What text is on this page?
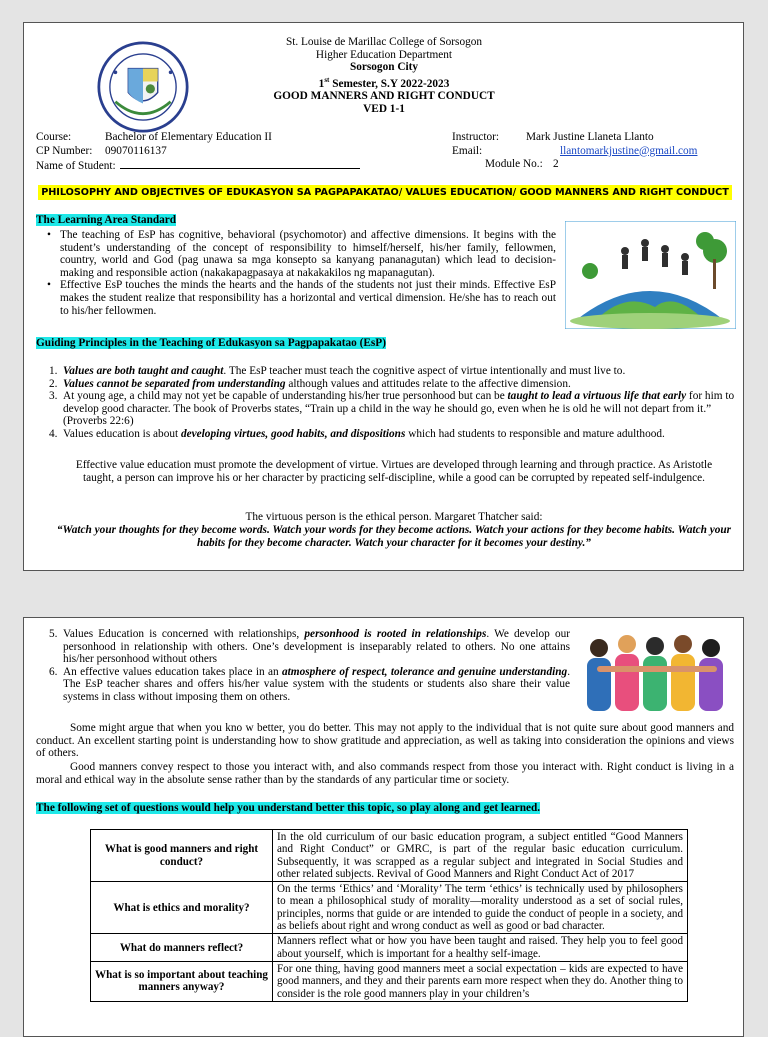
St. Louise de Marillac College of Sorsogon
Higher Education Department
Sorsogon City
1st Semester, S.Y 2022-2023
GOOD MANNERS AND RIGHT CONDUCT
VED 1-1
Course:	Bachelor of Elementary Education II
CP Number: 09070116137
Name of Student:
Instructor: Mark Justine Llaneta Llanto
Email:	llantomarkjustine@gmail.com
Module No.: 2
PHILOSOPHY AND OBJECTIVES OF EDUKASYON SA PAGPAPAKATAO/ VALUES EDUCATION/ GOOD MANNERS AND RIGHT CONDUCT
The Learning Area Standard
• The teaching of EsP has cognitive, behavioral (psychomotor) and affective dimensions. It begins with the student’s understanding of the concept of responsibility to himself/herself, his/her family, fellowmen, country, world and God (pag unawa sa mga konsepto sa kanyang pananagutan) which lead to decision-making and responsible action (nakakapagpasaya at nakakakilos ng mapanagutan).
• Effective EsP touches the minds the hearts and the hands of the students not just their minds. Effective EsP makes the student realize that responsibility has a horizontal and vertical dimension. He/she has to reach out to his/her fellowmen.
Guiding Principles in the Teaching of Edukasyon sa Pagpapakatao (EsP)
1. Values are both taught and caught. The EsP teacher must teach the cognitive aspect of virtue intentionally and must live to.
2. Values cannot be separated from understanding although values and attitudes relate to the affective dimension.
3. At young age, a child may not yet be capable of understanding his/her true personhood but can be taught to lead a virtuous life that early for him to develop good character. The book of Proverbs states, “Train up a child in the way he should go, even when he is old he will not depart from it.” (Proverbs 22:6)
4. Values education is about developing virtues, good habits, and dispositions which had students to responsible and mature adulthood.
Effective value education must promote the development of virtue. Virtues are developed through learning and through practice. As Aristotle taught, a person can improve his or her character by practicing self-discipline, while a good can be corrupted by repeated self-indulgence.
The virtuous person is the ethical person. Margaret Thatcher said:
“Watch your thoughts for they become words. Watch your words for they become actions. Watch your actions for they become habits. Watch your habits for they become character. Watch your character for it becomes your destiny.”
5. Values Education is concerned with relationships, personhood is rooted in relationships. We develop our personhood in relationship with others. One’s development is inseparably related to others. No one attains his/her personhood without others
6. An effective values education takes place in an atmosphere of respect, tolerance and genuine understanding. The EsP teacher shares and offers his/her value system with the students or students also share their value systems in class without imposing them on others.
Some might argue that when you kno w better, you do better. This may not apply to the individual that is not quite sure about good manners and conduct. An excellent starting point is understanding how to show gratitude and appreciation, as well as taking into consideration the opinions and views of others.
Good manners convey respect to those you interact with, and also commands respect from those you interact with. Right conduct is living in a moral and ethical way in the absolute sense rather than by the standards of any particular time or society.
The following set of questions would help you understand better this topic, so play along and get learned.
What is good manners and right conduct?	In the old curriculum of our basic education program, a subject entitled “Good Manners and Right Conduct” or GMRC, is part of the regular basic education curriculum. Subsequently, it was scrapped as a regular subject and integrated in Social Studies and other related subjects. Revival of Good Manners and Right Conduct Act of 2017
What is ethics and morality?	On the terms ‘Ethics’ and ‘Morality’ The term ‘ethics’ is technically used by philosophers to mean a philosophical study of morality—morality understood as a set of social rules, principles, norms that guide or are intended to guide the conduct of people in a society, and as beliefs about right and wrong conduct as well as good or bad character.
What do manners reflect?	Manners reflect what or how you have been taught and raised. They help you to feel good about yourself, which is important for a healthy self-image.
What is so important about teaching manners anyway?	For one thing, having good manners meet a social expectation – kids are expected to have good manners, and they and their parents earn more respect when they do. Another thing to consider is the role good manners play in your children’s
